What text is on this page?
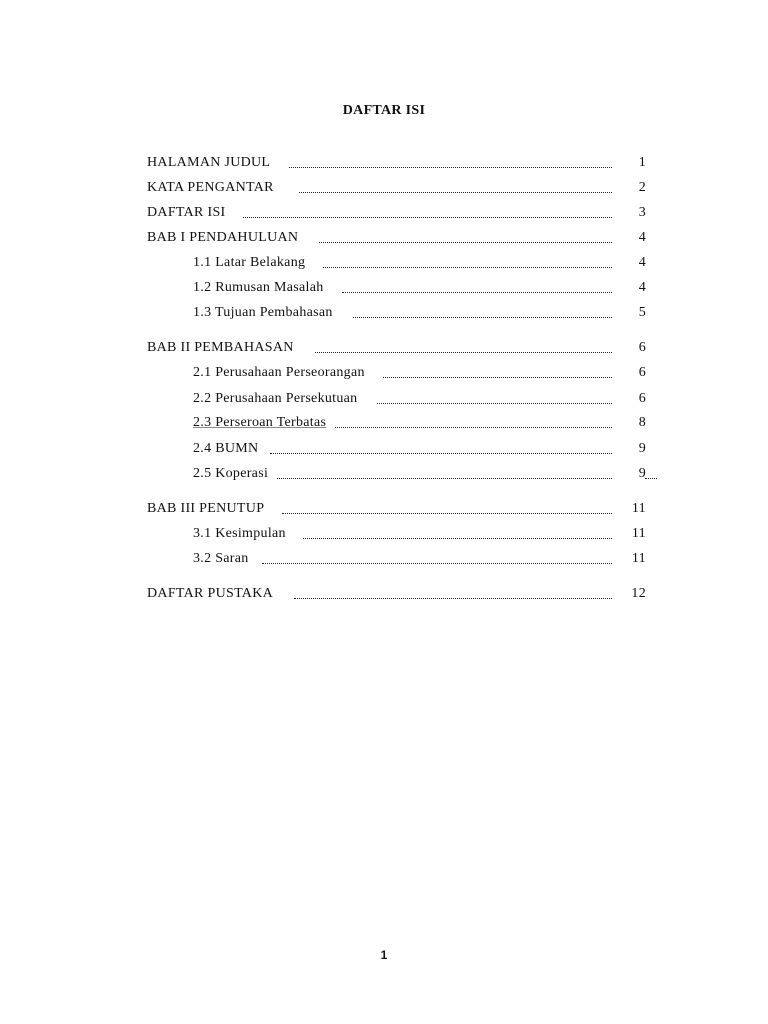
DAFTAR ISI
HALAMAN JUDUL	1
KATA PENGANTAR	2
DAFTAR ISI	3
BAB I PENDAHULUAN	4
1.1 Latar Belakang	4
1.2 Rumusan Masalah	4
1.3 Tujuan Pembahasan	5
BAB II PEMBAHASAN	6
2.1 Perusahaan Perseorangan	6
2.2 Perusahaan Persekutuan	6
2.3 Perseroan Terbatas	8
2.4 BUMN	9
2.5 Koperasi	9
BAB III PENUTUP	11
3.1 Kesimpulan	11
3.2 Saran	11
DAFTAR PUSTAKA	12
1
